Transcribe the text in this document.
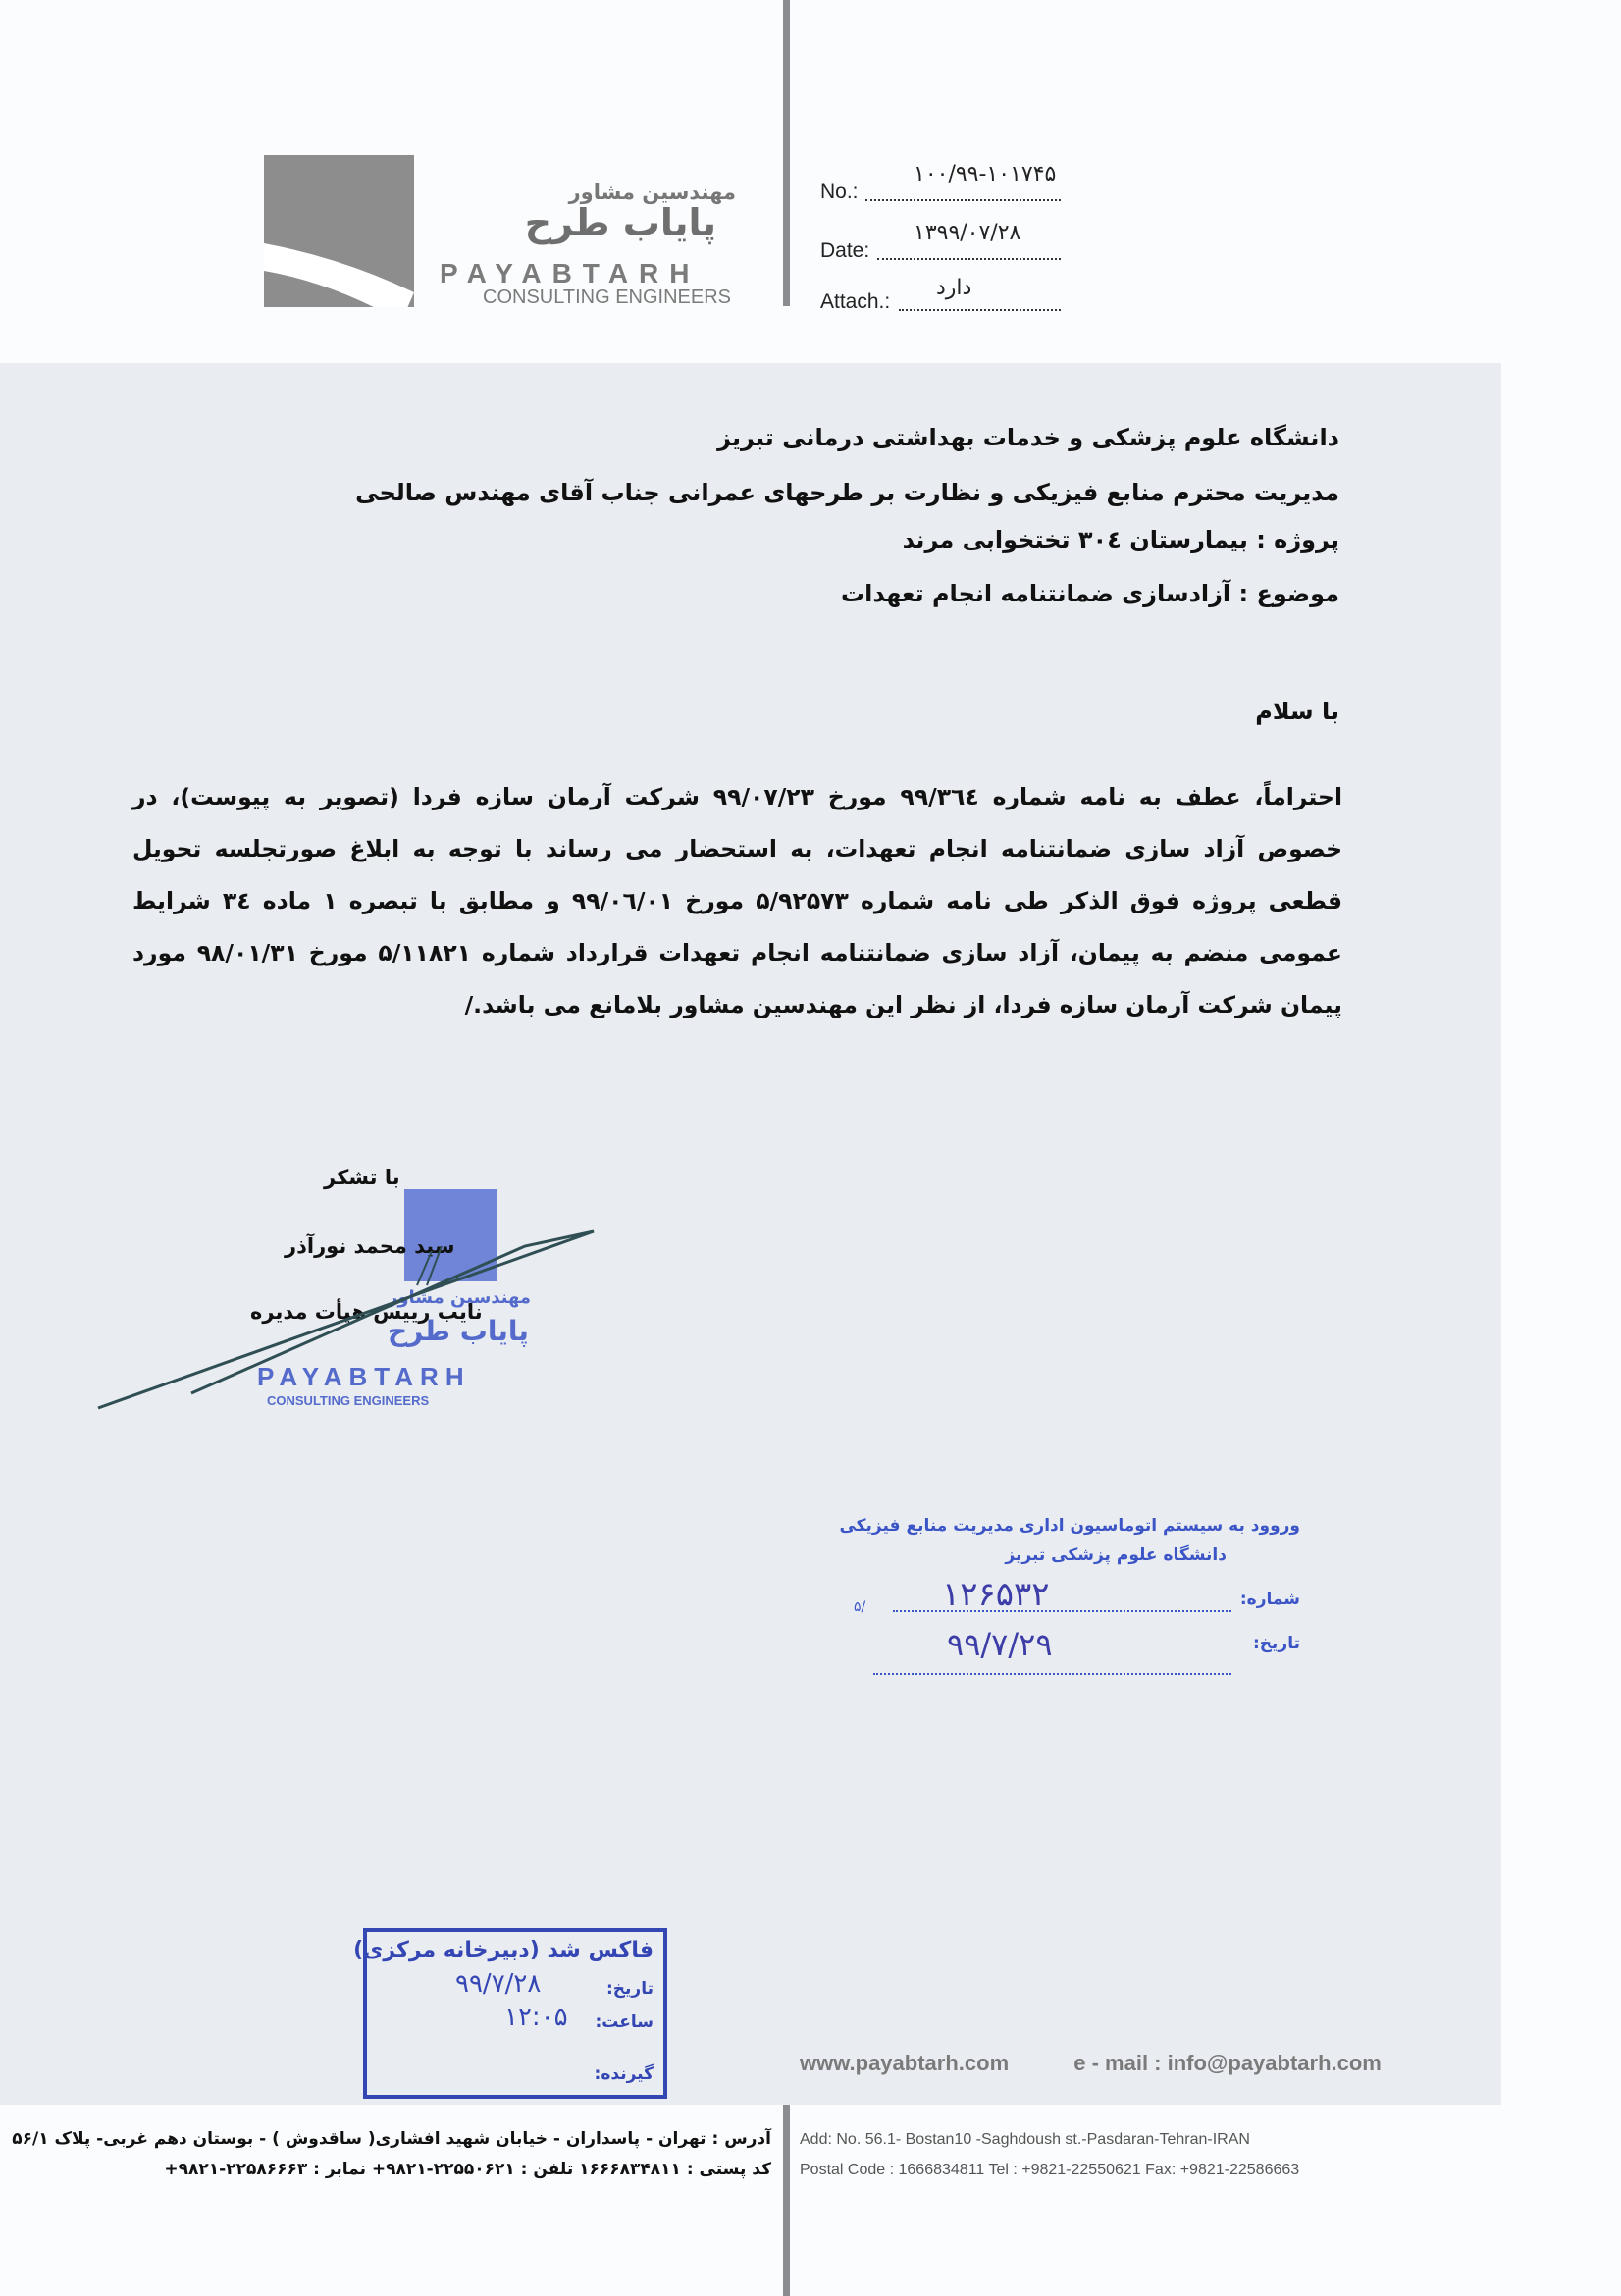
مهندسین مشاور
پایاب طرح
PAYABTARH
CONSULTING ENGINEERS
No.:
۱۰۰/۹۹-۱۰۱۷۴۵
Date:
۱۳۹۹/۰۷/۲۸
Attach.:
دارد
دانشگاه علوم پزشکی و خدمات بهداشتی درمانی تبریز
مدیریت محترم منابع فیزیکی و نظارت بر طرحهای عمرانی جناب آقای مهندس صالحی
پروژه : بیمارستان ۳۰٤ تختخوابی مرند
موضوع : آزادسازی ضمانتنامه انجام تعهدات
با سلام
احتراماً، عطف به نامه شماره ۹۹/۳٦٤ مورخ ۹۹/۰۷/۲۳ شرکت آرمان سازه فردا (تصویر به پیوست)، در خصوص آزاد سازی ضمانتنامه انجام تعهدات، به استحضار می رساند با توجه به ابلاغ صورتجلسه تحویل قطعی پروژه فوق الذکر طی نامه شماره ۵/۹۲۵۷۳ مورخ ۹۹/۰٦/۰۱ و مطابق با تبصره ۱ ماده ۳٤ شرایط عمومی منضم به پیمان، آزاد سازی ضمانتنامه انجام تعهدات قرارداد شماره ۵/۱۱۸۲۱ مورخ ۹۸/۰۱/۳۱ مورد پیمان شرکت آرمان سازه فردا، از نظر این مهندسین مشاور بلامانع می باشد./
با تشکر
مهندسین مشاور
پایاب طرح
PAYABTARH
CONSULTING ENGINEERS
سید محمد نورآذر
نایب رییس هیأت مدیره
وروود به سیستم اتوماسیون اداری مدیریت منابع فیزیکی
دانشگاه علوم پزشکی تبریز
شماره:
۵/ ۱۲۶۵۳۲
تاریخ:
۹۹/۷/۲۹
فاکس شد (دبیرخانه مرکزی)
تاریخ:
۹۹/۷/۲۸
ساعت:
۱۲:۰۵
گیرنده:	www.payabtarh.com	e - mail : info@payabtarh.com
آدرس : تهران - پاسداران - خیابان شهید افشاری( ساقدوش ) - بوستان دهم غربی- پلاک ۵۶/۱
کد پستی : ۱۶۶۶۸۳۴۸۱۱ تلفن : ۲۲۵۵۰۶۲۱-۹۸۲۱+ نمابر : ۲۲۵۸۶۶۶۳-۹۸۲۱+
Add: No. 56.1- Bostan10 -Saghdoush st.-Pasdaran-Tehran-IRAN
Postal Code : 1666834811 Tel : +9821-22550621 Fax: +9821-22586663
